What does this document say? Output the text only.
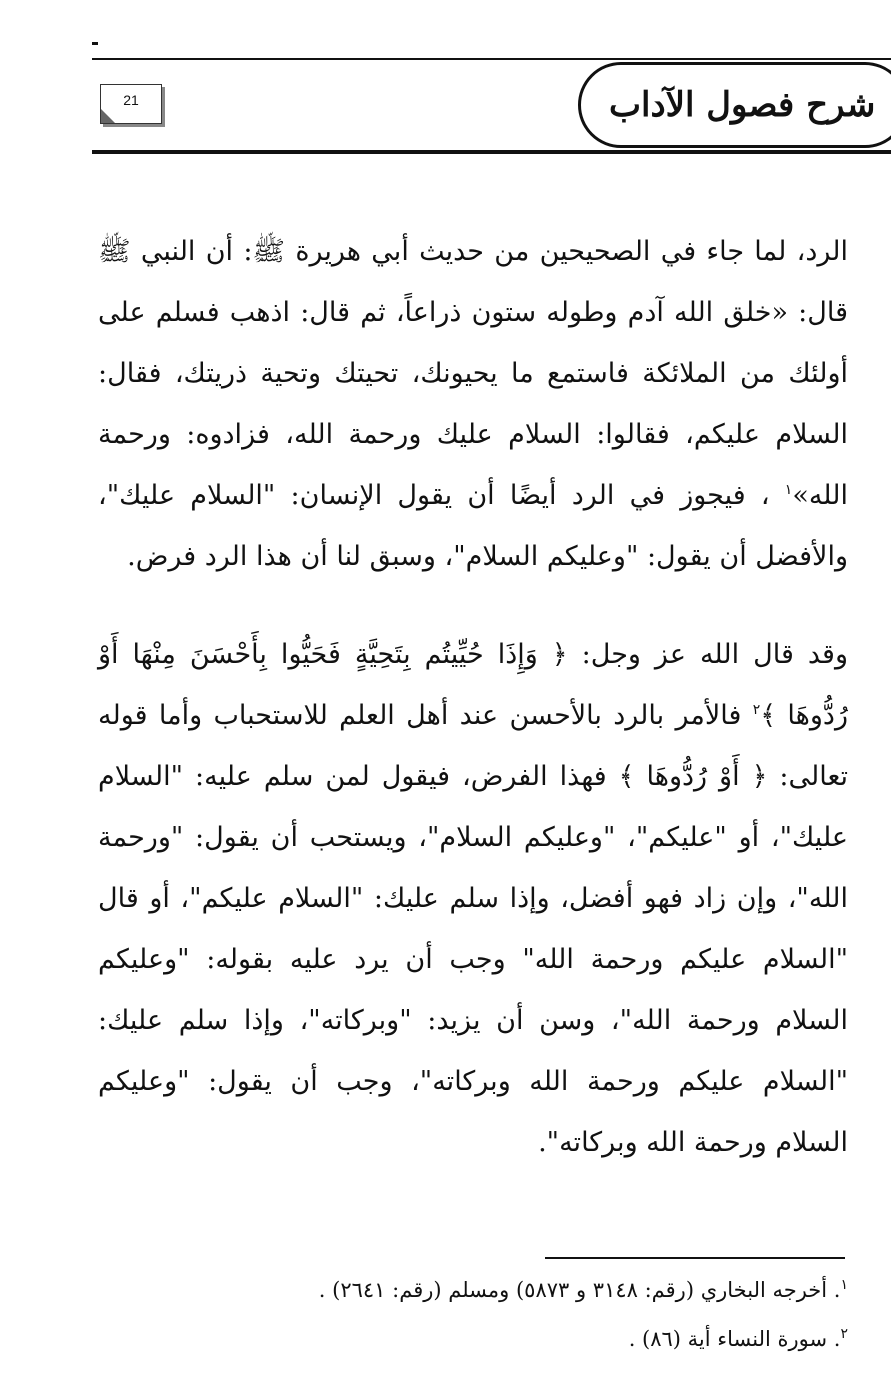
21	شرح فصول الآداب

الرد، لما جاء في الصحيحين من حديث أبي هريرة ﷺ: أن النبي ﷺ قال: «خلق الله آدم وطوله ستون ذراعاً، ثم قال: اذهب فسلم على أولئك من الملائكة فاستمع ما يحيونك، تحيتك وتحية ذريتك، فقال: السلام عليكم، فقالوا: السلام عليك ورحمة الله، فزادوه: ورحمة الله»$^١$ ، فيجوز في الرد أيضًا أن يقول الإنسان: "السلام عليك"، والأفضل أن يقول: "وعليكم السلام"، وسبق لنا أن هذا الرد فرض.

وقد قال الله عز وجل: ﴿ وَإِذَا حُيِّيتُم بِتَحِيَّةٍ فَحَيُّوا بِأَحْسَنَ مِنْهَا أَوْ رُدُّوهَا ﴾$^٢$ فالأمر بالرد بالأحسن عند أهل العلم للاستحباب وأما قوله تعالى: ﴿ أَوْ رُدُّوهَا ﴾ فهذا الفرض، فيقول لمن سلم عليه: "السلام عليك"، أو "عليكم"، "وعليكم السلام"، ويستحب أن يقول: "ورحمة الله"، وإن زاد فهو أفضل، وإذا سلم عليك: "السلام عليكم"، أو قال "السلام عليكم ورحمة الله" وجب أن يرد عليه بقوله: "وعليكم السلام ورحمة الله"، وسن أن يزيد: "وبركاته"، وإذا سلم عليك: "السلام عليكم ورحمة الله وبركاته"، وجب أن يقول: "وعليكم السلام ورحمة الله وبركاته".

$^١$. أخرجه البخاري (رقم: ٣١٤٨ و ٥٨٧٣) ومسلم (رقم: ٢٦٤١) .

$^٢$. سورة النساء أية (٨٦) .
